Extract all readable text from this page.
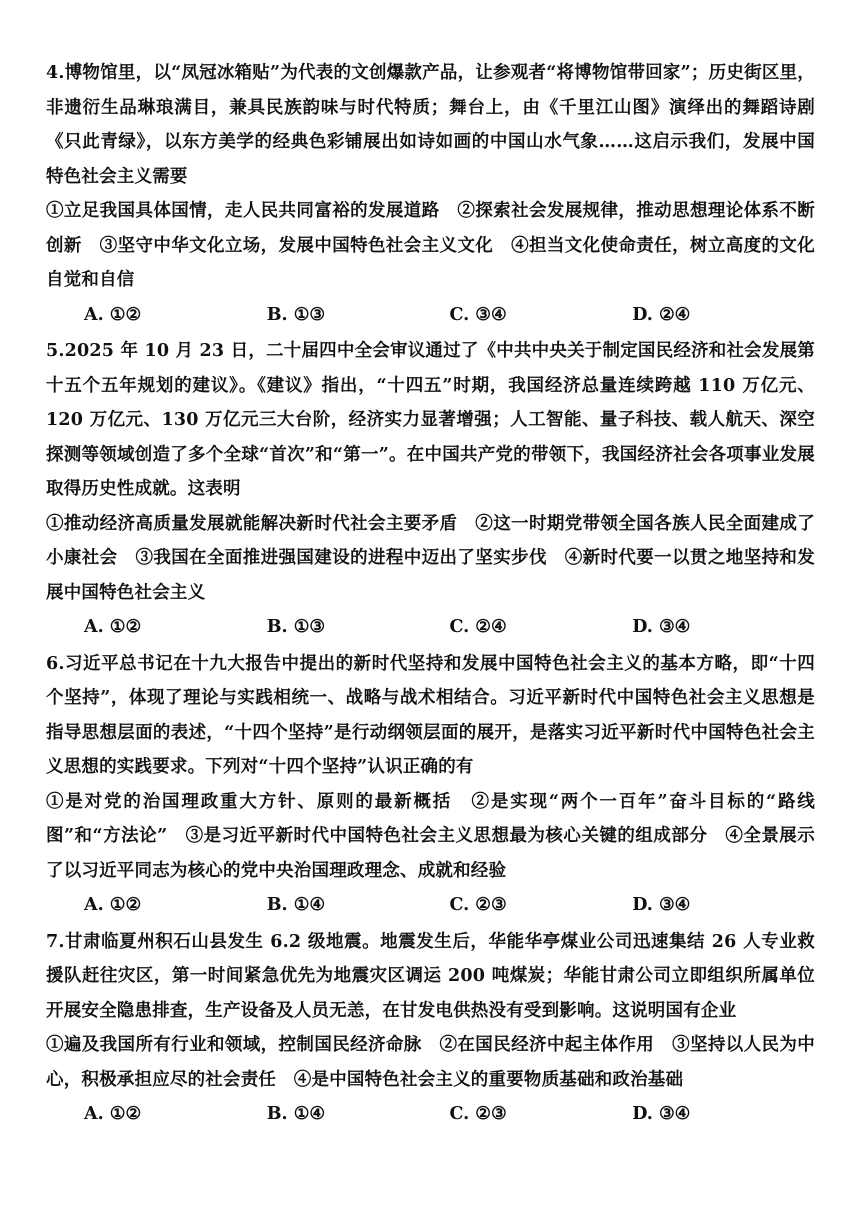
4.博物馆里，以“凤冠冰箱贴”为代表的文创爆款产品，让参观者“将博物馆带回家”；历史街区里，非遗衍生品琳琅满目，兼具民族韵味与时代特质；舞台上，由《千里江山图》演绎出的舞蹈诗剧《只此青绿》，以东方美学的经典色彩铺展出如诗如画的中国山水气象……这启示我们，发展中国特色社会主义需要

①立足我国具体国情，走人民共同富裕的发展道路　②探索社会发展规律，推动思想理论体系不断创新　③坚守中华文化立场，发展中国特色社会主义文化　④担当文化使命责任，树立高度的文化自觉和自信

A. ①②	B. ①③	C. ③④	D. ②④

5.2025 年 10 月 23 日，二十届四中全会审议通过了《中共中央关于制定国民经济和社会发展第十五个五年规划的建议》。《建议》指出，“十四五”时期，我国经济总量连续跨越 110 万亿元、120 万亿元、130 万亿元三大台阶，经济实力显著增强；人工智能、量子科技、载人航天、深空探测等领域创造了多个全球“首次”和“第一”。在中国共产党的带领下，我国经济社会各项事业发展取得历史性成就。这表明

①推动经济高质量发展就能解决新时代社会主要矛盾　②这一时期党带领全国各族人民全面建成了小康社会　③我国在全面推进强国建设的进程中迈出了坚实步伐　④新时代要一以贯之地坚持和发展中国特色社会主义

A. ①②	B. ①③	C. ②④	D. ③④

6.习近平总书记在十九大报告中提出的新时代坚持和发展中国特色社会主义的基本方略，即“十四个坚持”，体现了理论与实践相统一、战略与战术相结合。习近平新时代中国特色社会主义思想是指导思想层面的表述，“十四个坚持”是行动纲领层面的展开，是落实习近平新时代中国特色社会主义思想的实践要求。下列对“十四个坚持”认识正确的有

①是对党的治国理政重大方针、原则的最新概括　②是实现“两个一百年”奋斗目标的“路线图”和“方法论”　③是习近平新时代中国特色社会主义思想最为核心关键的组成部分　④全景展示了以习近平同志为核心的党中央治国理政理念、成就和经验

A. ①②	B. ①④	C. ②③	D. ③④

7.甘肃临夏州积石山县发生 6.2 级地震。地震发生后，华能华亭煤业公司迅速集结 26 人专业救援队赶往灾区，第一时间紧急优先为地震灾区调运 200 吨煤炭；华能甘肃公司立即组织所属单位开展安全隐患排查，生产设备及人员无恙，在甘发电供热没有受到影响。这说明国有企业

①遍及我国所有行业和领域，控制国民经济命脉　②在国民经济中起主体作用　③坚持以人民为中心，积极承担应尽的社会责任　④是中国特色社会主义的重要物质基础和政治基础

A. ①②	B. ①④	C. ②③	D. ③④
